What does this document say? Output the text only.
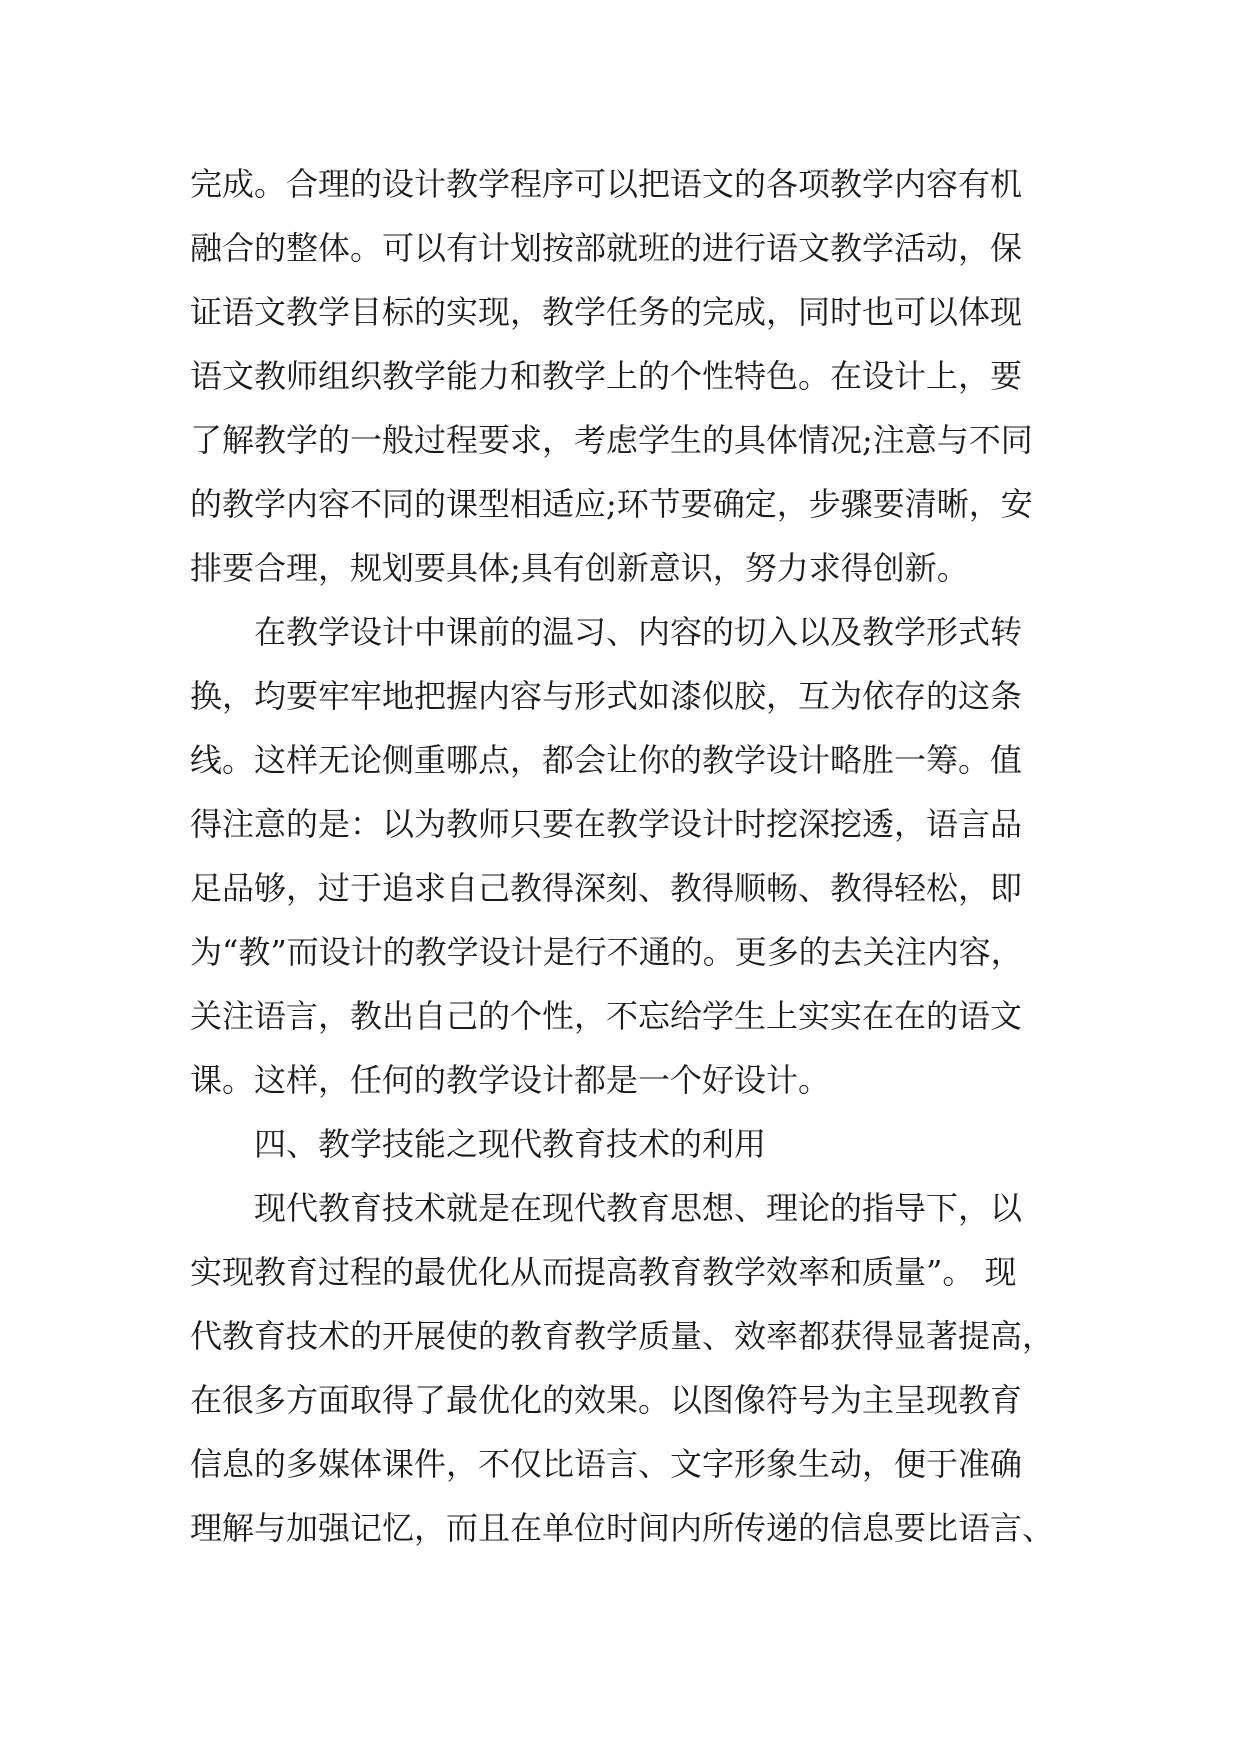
完成。合理的设计教学程序可以把语文的各项教学内容有机
融合的整体。可以有计划按部就班的进行语文教学活动，保
证语文教学目标的实现，教学任务的完成，同时也可以体现
语文教师组织教学能力和教学上的个性特色。在设计上，要
了解教学的一般过程要求，考虑学生的具体情况;注意与不同
的教学内容不同的课型相适应;环节要确定，步骤要清晰，安
排要合理，规划要具体;具有创新意识，努力求得创新。

在教学设计中课前的温习、内容的切入以及教学形式转
换，均要牢牢地把握内容与形式如漆似胶，互为依存的这条
线。这样无论侧重哪点，都会让你的教学设计略胜一筹。值
得注意的是：以为教师只要在教学设计时挖深挖透，语言品
足品够，过于追求自己教得深刻、教得顺畅、教得轻松，即
为“教”而设计的教学设计是行不通的。更多的去关注内容，
关注语言，教出自己的个性，不忘给学生上实实在在的语文
课。这样，任何的教学设计都是一个好设计。

四、教学技能之现代教育技术的利用

现代教育技术就是在现代教育思想、理论的指导下，以
实现教育过程的最优化从而提高教育教学效率和质量”。 现
代教育技术的开展使的教育教学质量、效率都获得显著提高，
在很多方面取得了最优化的效果。以图像符号为主呈现教育
信息的多媒体课件，不仅比语言、文字形象生动，便于准确
理解与加强记忆，而且在单位时间内所传递的信息要比语言、
